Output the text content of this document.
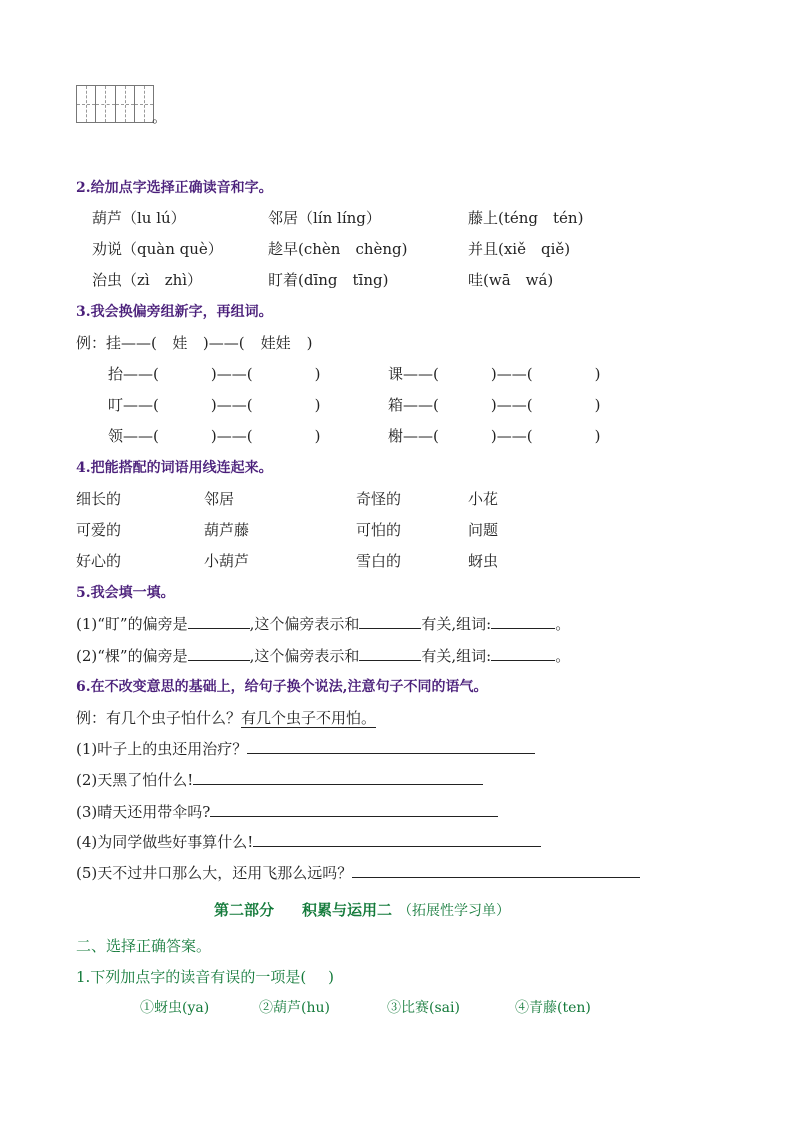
。
2.给加点字选择正确读音和字。
葫芦（lu lú）	邻居（lín líng）	藤上(téng　tén)
劝说（quàn què）	趁早(chèn　chèng)	并且(xiě　qiě)
治虫（zì　zhì）	盯着(dīng　tīng)	哇(wā　wá)
3.我会换偏旁组新字，再组词。
例：挂——( 娃 )——( 娃娃 )
抬——(	)——(	)	课——(	)——(	)
叮——(	)——(	)	箱——(	)——(	)
领——(	)——(	)	榭——(	)——(	)
4.把能搭配的词语用线连起来。
细长的	邻居	奇怪的	小花
可爱的	葫芦藤	可怕的	问题
好心的	小葫芦	雪白的	蚜虫
5.我会填一填。
(1)“盯”的偏旁是	,这个偏旁表示和	有关,组词:	。
(2)“棵”的偏旁是	,这个偏旁表示和	有关,组词:	。
6.在不改变意思的基础上，给句子换个说法,注意句子不同的语气。
例：有几个虫子怕什么？有几个虫子不用怕。
(1)叶子上的虫还用治疗？
(2)天黑了怕什么!
(3)晴天还用带伞吗?
(4)为同学做些好事算什么!
(5)天不过井口那么大，还用飞那么远吗？
第二部分 积累与运用二 （拓展性学习单）
二、选择正确答案。
1.下列加点字的读音有误的一项是( )
①蚜虫(ya)	②葫芦(hu)	③比赛(sai)	④青藤(ten)
